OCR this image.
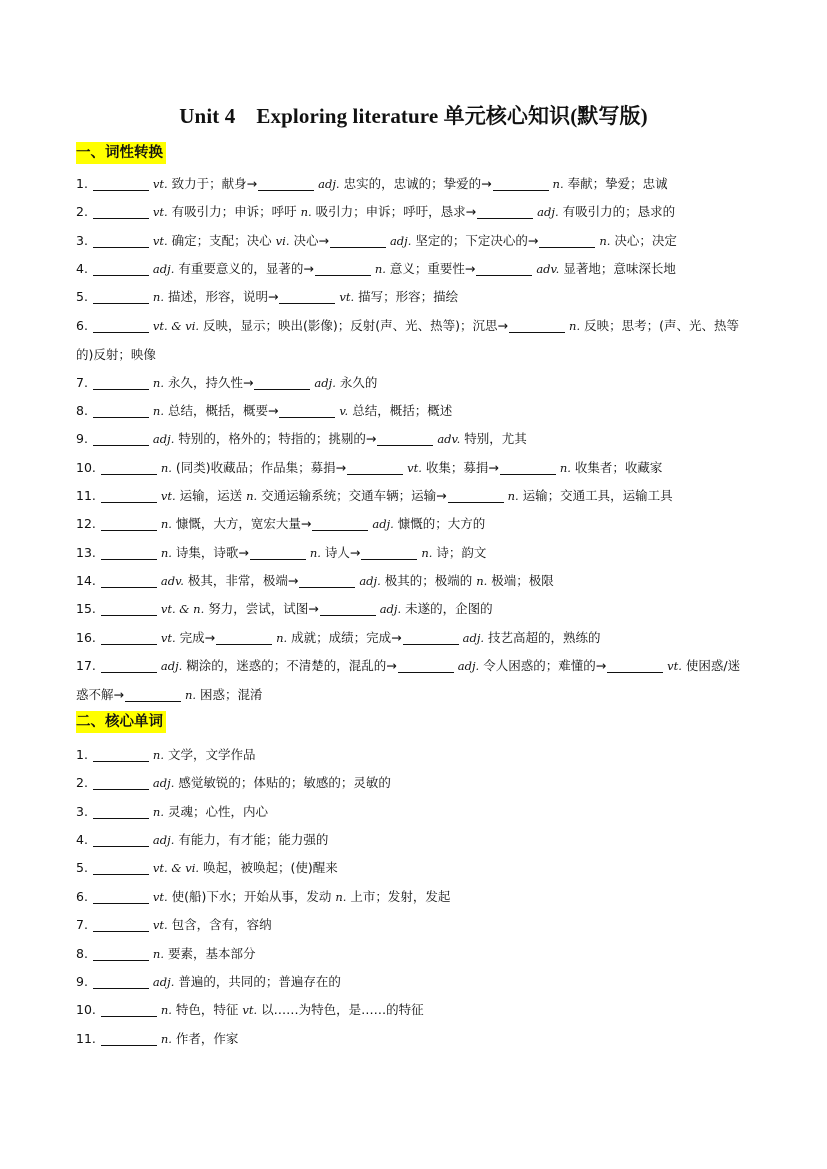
Unit 4　Exploring literature 单元核心知识(默写版)
一、词性转换
1.	vt. 致力于；献身→	adj. 忠实的，忠诚的；挚爱的→	n. 奉献；挚爱；忠诚
2.	vt. 有吸引力；申诉；呼吁 n. 吸引力；申诉；呼吁，恳求→	adj. 有吸引力的；恳求的
3.	vt. 确定；支配；决心 vi. 决心→	adj. 坚定的；下定决心的→	n. 决心；决定
4.	adj. 有重要意义的，显著的→	n. 意义；重要性→	adv. 显著地；意味深长地
5.	n. 描述，形容，说明→	vt. 描写；形容；描绘
6.	vt. & vi. 反映，显示；映出(影像)；反射(声、光、热等)；沉思→	n. 反映；思考；(声、光、热等的)反射；映像
7.	n. 永久，持久性→	adj. 永久的
8.	n. 总结，概括，概要→	v. 总结，概括；概述
9.	adj. 特别的，格外的；特指的；挑剔的→	adv. 特别，尤其
10.	n. (同类)收藏品；作品集；募捐→	vt. 收集；募捐→	n. 收集者；收藏家
11.	vt. 运输，运送 n. 交通运输系统；交通车辆；运输→	n. 运输；交通工具，运输工具
12.	n. 慷慨，大方，宽宏大量→	adj. 慷慨的；大方的
13.	n. 诗集，诗歌→	n. 诗人→	n. 诗；韵文
14.	adv. 极其，非常，极端→	adj. 极其的；极端的 n. 极端；极限
15.	vt. & n. 努力，尝试，试图→	adj. 未遂的，企图的
16.	vt. 完成→	n. 成就；成绩；完成→	adj. 技艺高超的，熟练的
17.	adj. 糊涂的，迷惑的；不清楚的，混乱的→	adj. 令人困惑的；难懂的→	vt. 使困惑/迷惑不解→	n. 困惑；混淆
二、核心单词
1.	n. 文学，文学作品
2.	adj. 感觉敏锐的；体贴的；敏感的；灵敏的
3.	n. 灵魂；心性，内心
4.	adj. 有能力，有才能；能力强的
5.	vt. & vi. 唤起，被唤起；(使)醒来
6.	vt. 使(船)下水；开始从事，发动 n. 上市；发射，发起
7.	vt. 包含，含有，容纳
8.	n. 要素，基本部分
9.	adj. 普遍的，共同的；普遍存在的
10.	n. 特色，特征 vt. 以……为特色，是……的特征
11.	n. 作者，作家
